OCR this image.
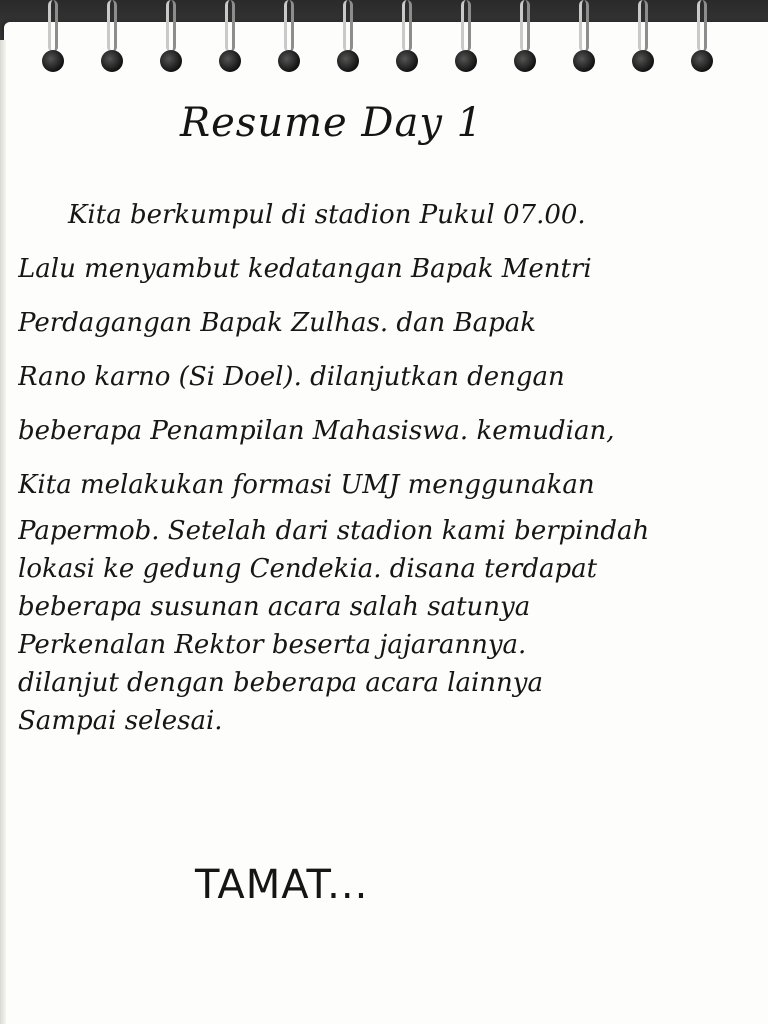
Resume Day 1
Kita berkumpul di stadion Pukul 07.00.
Lalu menyambut kedatangan Bapak Mentri
Perdagangan Bapak Zulhas. dan Bapak
Rano karno (Si Doel). dilanjutkan dengan
beberapa Penampilan Mahasiswa. kemudian,
Kita melakukan formasi UMJ menggunakan
Papermob. Setelah dari stadion kami berpindah
lokasi ke gedung Cendekia. disana terdapat
beberapa susunan acara salah satunya
Perkenalan Rektor beserta jajarannya.
dilanjut dengan beberapa acara lainnya
Sampai selesai.
TAMAT...
